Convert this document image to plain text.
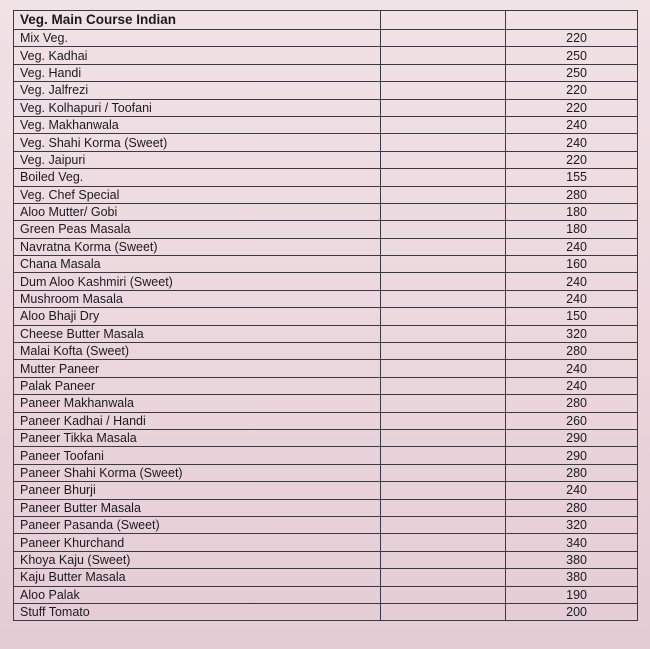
Veg. Main Course Indian		
Mix Veg.		220
Veg. Kadhai		250
Veg. Handi		250
Veg. Jalfrezi		220
Veg. Kolhapuri / Toofani		220
Veg. Makhanwala		240
Veg. Shahi Korma (Sweet)		240
Veg. Jaipuri		220
Boiled Veg.		155
Veg. Chef Special		280
Aloo Mutter/ Gobi		180
Green Peas Masala		180
Navratna Korma (Sweet)		240
Chana Masala		160
Dum Aloo Kashmiri (Sweet)		240
Mushroom Masala		240
Aloo Bhaji Dry		150
Cheese Butter Masala		320
Malai Kofta (Sweet)		280
Mutter Paneer		240
Palak Paneer		240
Paneer Makhanwala		280
Paneer Kadhai / Handi		260
Paneer Tikka Masala		290
Paneer Toofani		290
Paneer Shahi Korma (Sweet)		280
Paneer Bhurji		240
Paneer Butter Masala		280
Paneer Pasanda (Sweet)		320
Paneer Khurchand		340
Khoya Kaju (Sweet)		380
Kaju Butter Masala		380
Aloo Palak		190
Stuff Tomato		200
